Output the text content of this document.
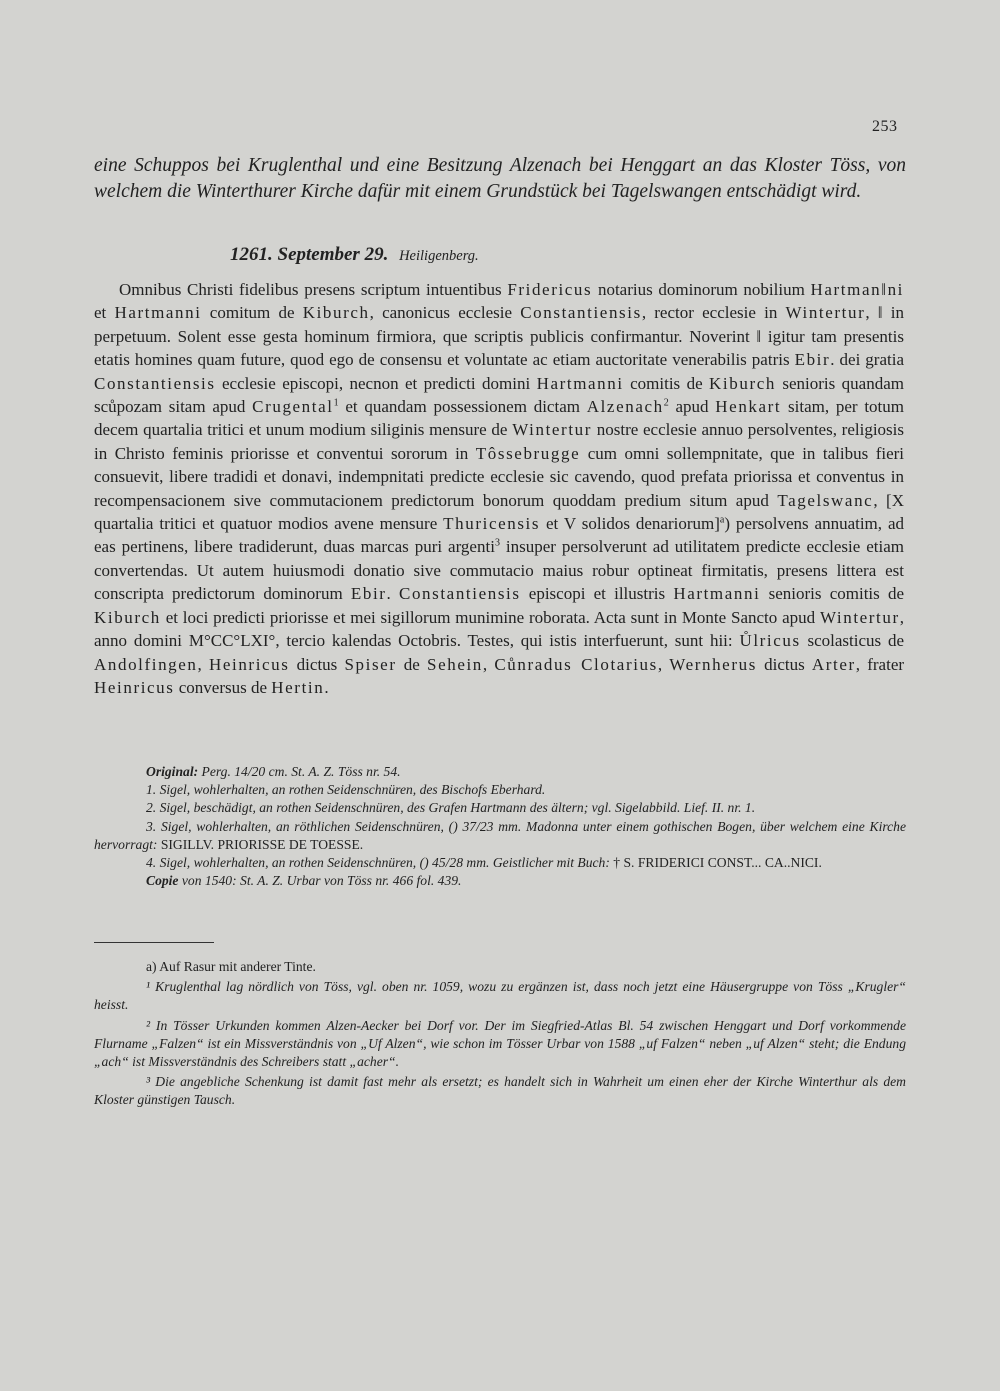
253
eine Schuppos bei Kruglenthal und eine Besitzung Alzenach bei Henggart an das Kloster Töss, von welchem die Winterthurer Kirche dafür mit einem Grundstück bei Tagelswangen entschädigt wird.
1261. September 29. Heiligenberg.
Omnibus Christi fidelibus presens scriptum intuentibus Fridericus notarius dominorum nobilium Hartman‖ni et Hartmanni comitum de Kiburch, canonicus ecclesie Constantiensis, rector ecclesie in Wintertur, ‖ in perpetuum. Solent esse gesta hominum firmiora, que scriptis publicis confirmantur. Noverint ‖ igitur tam presentis etatis homines quam future, quod ego de consensu et voluntate ac etiam auctoritate venerabilis patris Ebir. dei gratia Constantiensis ecclesie episcopi, necnon et predicti domini Hartmanni comitis de Kiburch senioris quandam scůpozam sitam apud Crugental$^1$ et quandam possessionem dictam Alzenach$^2$ apud Henkart sitam, per totum decem quartalia tritici et unum modium siliginis mensure de Wintertur nostre ecclesie annuo persolventes, religiosis in Christo feminis priorisse et conventui sororum in Tôssebrugge cum omni sollempnitate, que in talibus fieri consuevit, libere tradidi et donavi, indempnitati predicte ecclesie sic cavendo, quod prefata priorissa et conventus in recompensacionem sive commutacionem predictorum bonorum quoddam predium situm apud Tagelswanc, [X quartalia tritici et quatuor modios avene mensure Thuricensis et V solidos denariorum]$^a$) persolvens annuatim, ad eas pertinens, libere tradiderunt, duas marcas puri argenti$^3$ insuper persolverunt ad utilitatem predicte ecclesie etiam convertendas. Ut autem huiusmodi donatio sive commutacio maius robur optineat firmitatis, presens littera est conscripta predictorum dominorum Ebir. Constantiensis episcopi et illustris Hartmanni senioris comitis de Kiburch et loci predicti priorisse et mei sigillorum munimine roborata. Acta sunt in Monte Sancto apud Wintertur, anno domini M°CC°LXI°, tercio kalendas Octobris. Testes, qui istis interfuerunt, sunt hii: Ůlricus scolasticus de Andolfingen, Heinricus dictus Spiser de Sehein, Cůnradus Clotarius, Wernherus dictus Arter, frater Heinricus conversus de Hertin.

Original: Perg. 14/20 cm. St. A. Z. Töss nr. 54.

1. Sigel, wohlerhalten, an rothen Seidenschnüren, des Bischofs Eberhard.

2. Sigel, beschädigt, an rothen Seidenschnüren, des Grafen Hartmann des ältern; vgl. Sigelabbild. Lief. II. nr. 1.

3. Sigel, wohlerhalten, an röthlichen Seidenschnüren, () 37/23 mm. Madonna unter einem gothischen Bogen, über welchem eine Kirche hervorragt: SIGILLV. PRIORISSE DE TOESSE.

4. Sigel, wohlerhalten, an rothen Seidenschnüren, () 45/28 mm. Geistlicher mit Buch: † S. FRIDERICI CONST... CA..NICI.

Copie von 1540: St. A. Z. Urbar von Töss nr. 466 fol. 439.

a) Auf Rasur mit anderer Tinte.

¹ Kruglenthal lag nördlich von Töss, vgl. oben nr. 1059, wozu zu ergänzen ist, dass noch jetzt eine Häusergruppe von Töss „Krugler“ heisst.

² In Tösser Urkunden kommen Alzen-Aecker bei Dorf vor. Der im Siegfried-Atlas Bl. 54 zwischen Henggart und Dorf vorkommende Flurname „Falzen“ ist ein Missverständnis von „Uf Alzen“, wie schon im Tösser Urbar von 1588 „uf Falzen“ neben „uf Alzen“ steht; die Endung „ach“ ist Missverständnis des Schreibers statt „acher“.

³ Die angebliche Schenkung ist damit fast mehr als ersetzt; es handelt sich in Wahrheit um einen eher der Kirche Winterthur als dem Kloster günstigen Tausch.
